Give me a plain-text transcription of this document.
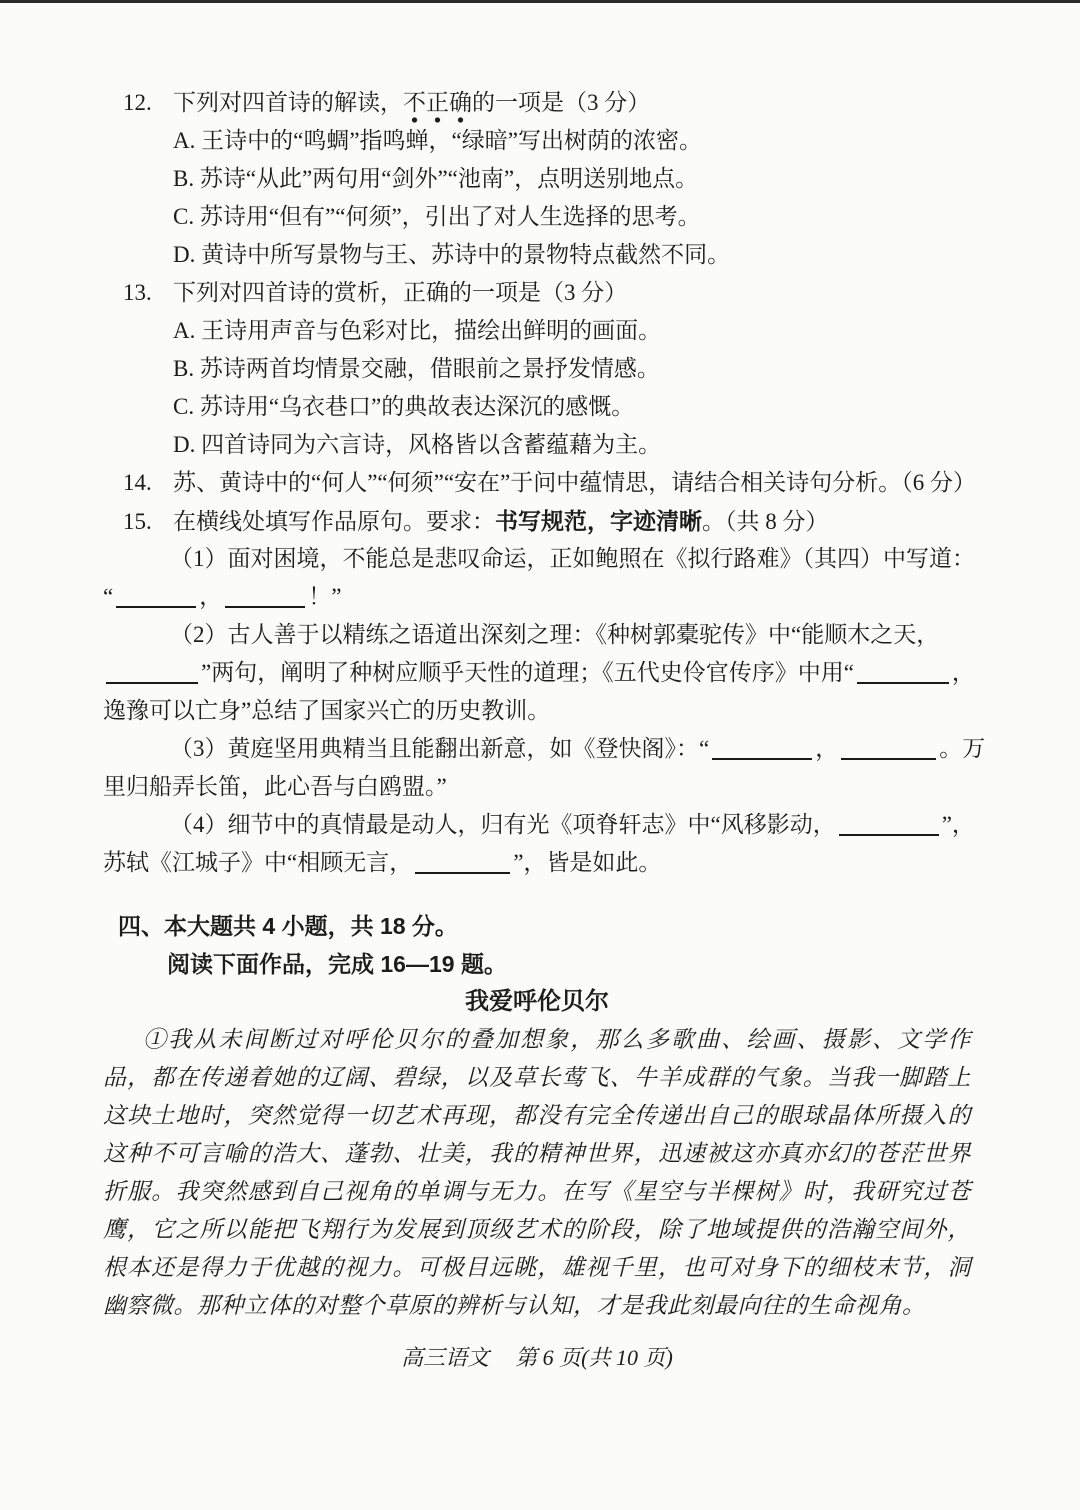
12. 下列对四首诗的解读，不正确的一项是（3 分）
A. 王诗中的“鸣蜩”指鸣蝉，“绿暗”写出树荫的浓密。
B. 苏诗“从此”两句用“剑外”“池南”，点明送别地点。
C. 苏诗用“但有”“何须”，引出了对人生选择的思考。
D. 黄诗中所写景物与王、苏诗中的景物特点截然不同。
13. 下列对四首诗的赏析，正确的一项是（3 分）
A. 王诗用声音与色彩对比，描绘出鲜明的画面。
B. 苏诗两首均情景交融，借眼前之景抒发情感。
C. 苏诗用“乌衣巷口”的典故表达深沉的感慨。
D. 四首诗同为六言诗，风格皆以含蓄蕴藉为主。
14. 苏、黄诗中的“何人”“何须”“安在”于问中蕴情思，请结合相关诗句分析。（6 分）
15. 在横线处填写作品原句。要求：书写规范，字迹清晰。（共 8 分）
（1）面对困境，不能总是悲叹命运，正如鲍照在《拟行路难》（其四）中写道：
“	，	！”
（2）古人善于以精练之语道出深刻之理：《种树郭橐驼传》中“能顺木之天，
”两句，阐明了种树应顺乎天性的道理；《五代史伶官传序》中用“	，
逸豫可以亡身”总结了国家兴亡的历史教训。
（3）黄庭坚用典精当且能翻出新意，如《登快阁》：“	，	。万
里归船弄长笛，此心吾与白鸥盟。”
（4）细节中的真情最是动人，归有光《项脊轩志》中“风移影动，	”，
苏轼《江城子》中“相顾无言，	”，皆是如此。
四、本大题共 4 小题，共 18 分。
阅读下面作品，完成 16—19 题。
我爱呼伦贝尔
①我从未间断过对呼伦贝尔的叠加想象，那么多歌曲、绘画、摄影、文学作
品，都在传递着她的辽阔、碧绿，以及草长莺飞、牛羊成群的气象。当我一脚踏上
这块土地时，突然觉得一切艺术再现，都没有完全传递出自己的眼球晶体所摄入的
这种不可言喻的浩大、蓬勃、壮美，我的精神世界，迅速被这亦真亦幻的苍茫世界
折服。我突然感到自己视角的单调与无力。在写《星空与半棵树》时，我研究过苍
鹰，它之所以能把飞翔行为发展到顶级艺术的阶段，除了地域提供的浩瀚空间外，
根本还是得力于优越的视力。可极目远眺，雄视千里，也可对身下的细枝末节，洞
幽察微。那种立体的对整个草原的辨析与认知，才是我此刻最向往的生命视角。
高三语文 第 6 页(共 10 页)
